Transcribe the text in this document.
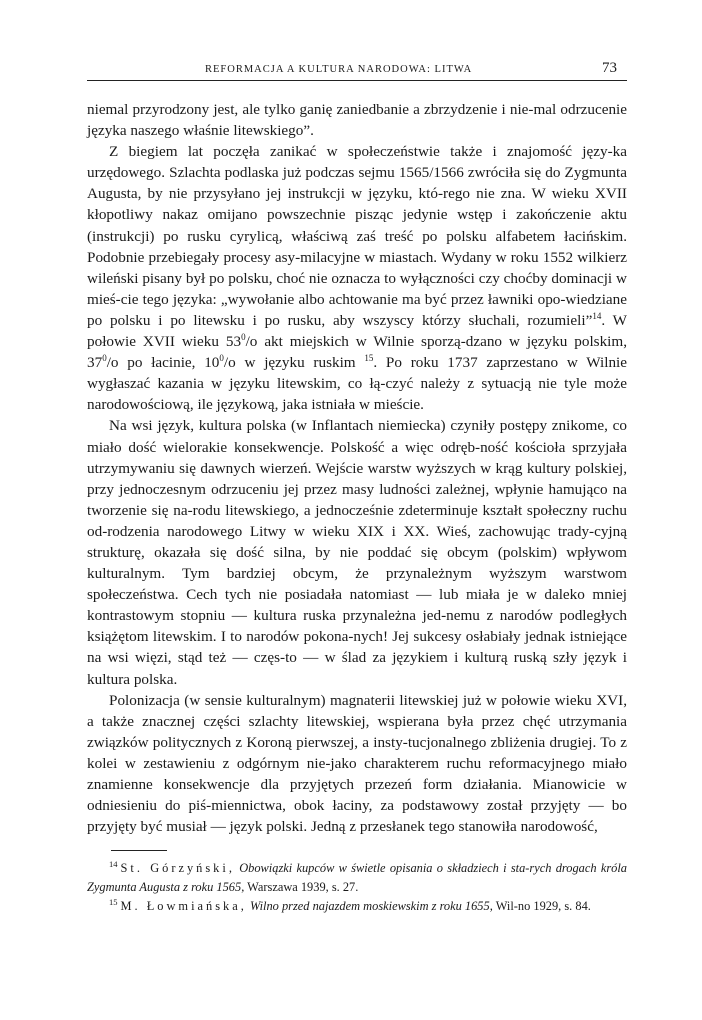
REFORMACJA A KULTURA NARODOWA: LITWA	73

niemal przyrodzony jest, ale tylko ganię zaniedbanie a zbrzydzenie i nie-mal odrzucenie języka naszego właśnie litewskiego”.

Z biegiem lat poczęła zanikać w społeczeństwie także i znajomość języ-ka urzędowego. Szlachta podlaska już podczas sejmu 1565/1566 zwróciła się do Zygmunta Augusta, by nie przysyłano jej instrukcji w języku, któ-rego nie zna. W wieku XVII kłopotliwy nakaz omijano powszechnie pisząc jedynie wstęp i zakończenie aktu (instrukcji) po rusku cyrylicą, właściwą zaś treść po polsku alfabetem łacińskim. Podobnie przebiegały procesy asy-milacyjne w miastach. Wydany w roku 1552 wilkierz wileński pisany był po polsku, choć nie oznacza to wyłączności czy choćby dominacji w mieś-cie tego języka: „wywołanie albo achtowanie ma być przez ławniki opo-wiedziane po polsku i po litewsku i po rusku, aby wszyscy którzy słuchali, rozumieli”$^{14}$. W połowie XVII wieku 53$^0$/o akt miejskich w Wilnie sporzą-dzano w języku polskim, 37$^0$/o po łacinie, 10$^0$/o w języku ruskim $^{15}$. Po roku 1737 zaprzestano w Wilnie wygłaszać kazania w języku litewskim, co łą-czyć należy z sytuacją nie tyle może narodowościową, ile językową, jaka istniała w mieście.

Na wsi język, kultura polska (w Inflantach niemiecka) czyniły postępy znikome, co miało dość wielorakie konsekwencje. Polskość a więc odręb-ność kościoła sprzyjała utrzymywaniu się dawnych wierzeń. Wejście warstw wyższych w krąg kultury polskiej, przy jednoczesnym odrzuceniu jej przez masy ludności zależnej, wpłynie hamująco na tworzenie się na-rodu litewskiego, a jednocześnie zdeterminuje kształt społeczny ruchu od-rodzenia narodowego Litwy w wieku XIX i XX. Wieś, zachowując trady-cyjną strukturę, okazała się dość silna, by nie poddać się obcym (polskim) wpływom kulturalnym. Tym bardziej obcym, że przynależnym wyższym warstwom społeczeństwa. Cech tych nie posiadała natomiast — lub miała je w daleko mniej kontrastowym stopniu — kultura ruska przynależna jed-nemu z narodów podległych książętom litewskim. I to narodów pokona-nych! Jej sukcesy osłabiały jednak istniejące na wsi więzi, stąd też — częs-to — w ślad za językiem i kulturą ruską szły język i kultura polska.

Polonizacja (w sensie kulturalnym) magnaterii litewskiej już w połowie wieku XVI, a także znacznej części szlachty litewskiej, wspierana była przez chęć utrzymania związków politycznych z Koroną pierwszej, a insty-tucjonalnego zbliżenia drugiej. To z kolei w zestawieniu z odgórnym nie-jako charakterem ruchu reformacyjnego miało znamienne konsekwencje dla przyjętych przezeń form działania. Mianowicie w odniesieniu do piś-miennictwa, obok łaciny, za podstawowy został przyjęty — bo przyjęty być musiał — język polski. Jedną z przesłanek tego stanowiła narodowość,

$^{14}$ St. Górzyński, Obowiązki kupców w świetle opisania o składziech i sta-rych drogach króla Zygmunta Augusta z roku 1565, Warszawa 1939, s. 27.

$^{15}$ M. Łowmiańska, Wilno przed najazdem moskiewskim z roku 1655, Wil-no 1929, s. 84.
